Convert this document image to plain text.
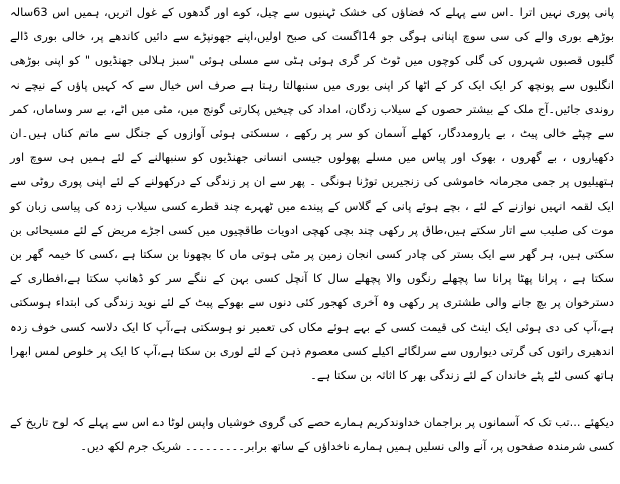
پانی پوری نہیں اترا ۔اس سے پہلے کہ فضاؤں کی خشک ٹہنیوں سے چیل، کوے اور گدھوں کے غول اتریں، ہمیں اس 63سالہ بوڑھے بوری والے کی سی سوچ اپنانی ہوگی جو 14اگست کی صبح اولیں،اپنے جھونپڑے سے دائیں کاندھے پر، خالی بوری ڈالے گلیوں قصبوں شہروں کی گلی کوچوں میں ٹوٹ کر گری ہوئی ہٹی سے مسلی ہوئی "سبز ہلالی جھنڈیوں " کو اپنی بوڑھی انگلیوں سے پونچھ کر ایک ایک کر کے اٹھا کر اپنی بوری میں سنبھالتا رہتا ہے صرف اس خیال سے کہ کہیں پاؤں کے نیچے نہ روندی جائیں۔آج ملک کے بیشتر حصوں کے سیلاب زدگان، امداد کی چیخیں پکارتی گونج میں، مٹی میں اٹے، بے سر وساماں، کمر سے چپٹے خالی پیٹ ، بے یارومددگار، کھلے آسمان کو سر پر رکھے ، سسکتی ہوئی آوازوں کے جنگل سے ماتم کناں ہیں۔ان دکھیاروں ، بے گھروں ، بھوک اور پیاس میں مسلے پھولوں جیسی انسانی جھنڈیوں کو سنبھالنے کے لئے ہمیں ہی سوچ اور ہتھیلیوں پر جمی مجرمانہ خاموشی کی زنجیریں توڑنا ہونگی ۔ پھر سے ان پر زندگی کے درکھولنے کے لئے اپنی پوری روٹی سے ایک لقمہ انہیں نوازنے کے لئے ، بچے ہوئے پانی کے گلاس کے پیندے میں ٹھہرے چند قطرے کسی سیلاب زدہ کی پیاسی زبان کو موت کی صلیب سے اتار سکتے ہیں،طاق پر رکھی چند بچی کھچی ادویات طاقچیوں میں کسی اجڑے مریض کے لئے مسیحائی بن سکتی ہیں، ہر گھر سے ایک بستر کی چادر کسی انجان زمین پر مٹی ہوتی ماں کا بچھونا بن سکتا ہے ،کسی کا خیمہ گھر بن سکتا ہے ، پرانا پھٹا پرانا سا پچھلے رنگوں والا پچھلے سال کا آنچل کسی بہن کے ننگے سر کو ڈھانپ سکتا ہے،افطاری کے دسترخوان پر بچ جانے والی طشتری پر رکھی وہ آخری کھجور کئی دنوں سے بھوکے پیٹ کے لئے نوید زندگی کی ابتداء ہوسکتی ہے،آپ کی دی ہوئی ایک اینٹ کی قیمت کسی کے بہے ہوئے مکاں کی تعمیر نو ہوسکتی ہے،آپ کا ایک دلاسہ کسی خوف زدہ اندھیری راتوں کی گرتی دیواروں سے سرلگائے اکیلے کسی معصوم ذہن کے لئے لوری بن سکتا ہے،آپ کا ایک پر خلوص لمس ابھرا ہاتھ کسی لٹے پٹے خاندان کے لئے زندگی بھر کا اثاثہ بن سکتا ہے۔

دیکھئے ...تب تک کہ آسمانوں پر براجمان خداوندکریم ہمارے حصے کی گروی خوشیاں واپس لوٹا دے اس سے پہلے کہ لوح تاریخ کے کسی شرمندہ صفحوں پر، آنے والی نسلیں ہمیں ہمارے ناخداؤں کے ساتھ برابر۔۔۔۔۔۔۔۔۔ شریک جرم لکھ دیں۔
